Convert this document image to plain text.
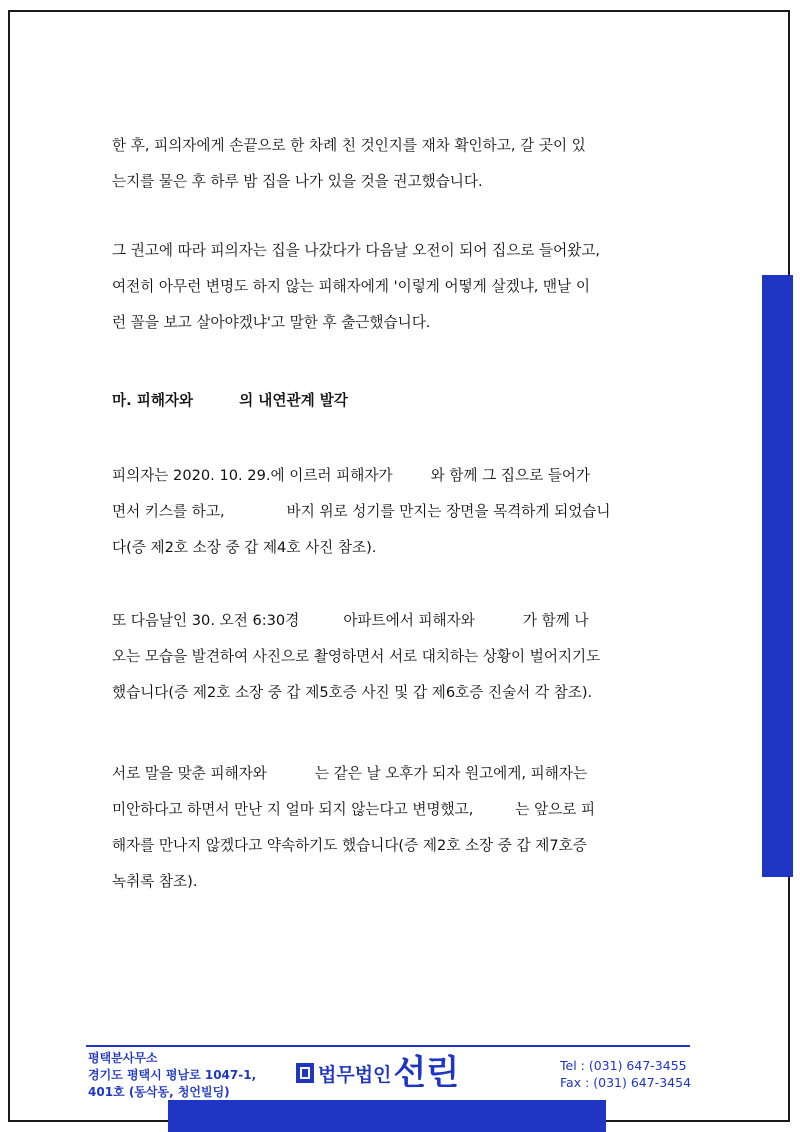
한 후, 피의자에게 손끝으로 한 차례 친 것인지를 재차 확인하고, 갈 곳이 있
는지를 물은 후 하루 밤 집을 나가 있을 것을 권고했습니다.
그 권고에 따라 피의자는 집을 나갔다가 다음날 오전이 되어 집으로 들어왔고,
여전히 아무런 변명도 하지 않는 피해자에게 '이렇게 어떻게 살겠냐, 맨날 이
런 꼴을 보고 살아야겠냐'고 말한 후 출근했습니다.
마. 피해자와	의 내연관계 발각
피의자는 2020. 10. 29.에 이르러 피해자가	와 함께 그 집으로 들어가
면서 키스를 하고,	바지 위로 성기를 만지는 장면을 목격하게 되었습니
다(증 제2호 소장 중 갑 제4호 사진 참조).
또 다음날인 30. 오전 6:30경	아파트에서 피해자와	가 함께 나
오는 모습을 발견하여 사진으로 촬영하면서 서로 대치하는 상황이 벌어지기도
했습니다(증 제2호 소장 중 갑 제5호증 사진 및 갑 제6호증 진술서 각 참조).
서로 말을 맞춘 피해자와	는 같은 날 오후가 되자 원고에게, 피해자는
미안하다고 하면서 만난 지 얼마 되지 않는다고 변명했고,	는 앞으로 피
해자를 만나지 않겠다고 약속하기도 했습니다(증 제2호 소장 중 갑 제7호증
녹취록 참조).
평택분사무소
경기도 평택시 평남로 1047-1,
401호 (동삭동, 청언빌딩)
법무법인 선린	Tel : (031) 647-3455
Fax : (031) 647-3454
